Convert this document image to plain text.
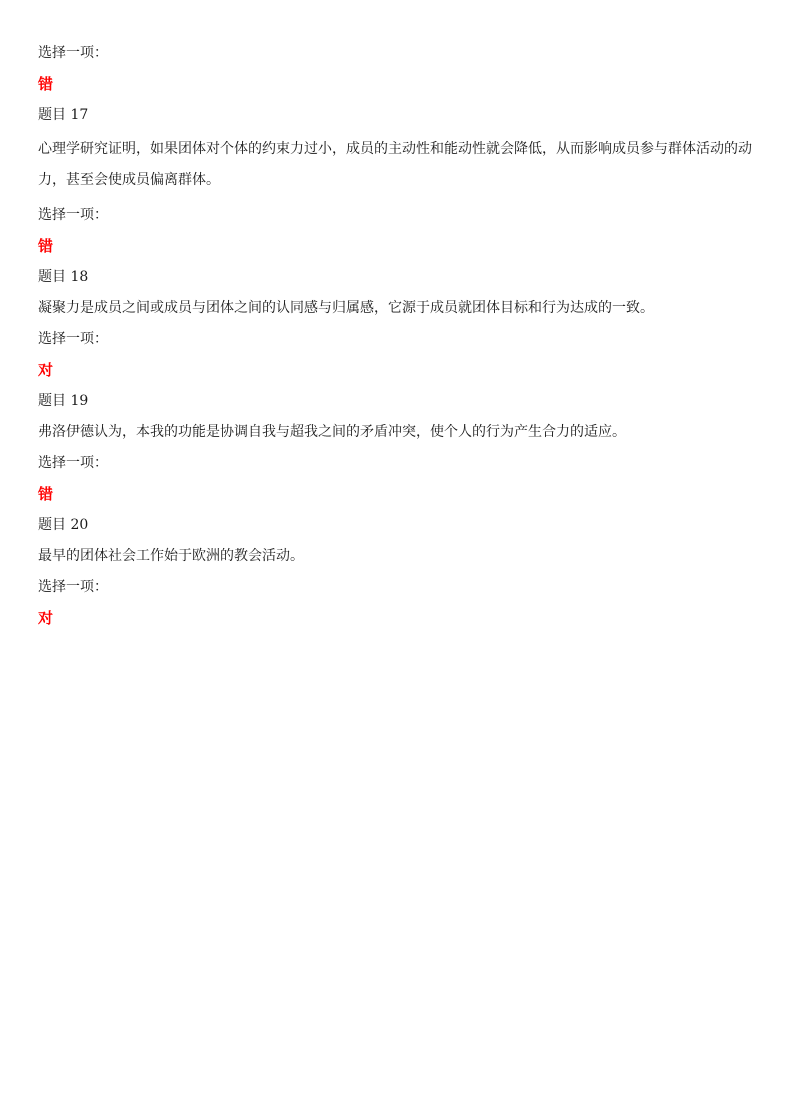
选择一项：
错
题目 17
心理学研究证明，如果团体对个体的约束力过小，成员的主动性和能动性就会降低，从而影响成员参与群体活动的动力，甚至会使成员偏离群体。
选择一项：
错
题目 18
凝聚力是成员之间或成员与团体之间的认同感与归属感，它源于成员就团体目标和行为达成的一致。
选择一项：
对
题目 19
弗洛伊德认为，本我的功能是协调自我与超我之间的矛盾冲突，使个人的行为产生合力的适应。
选择一项：
错
题目 20
最早的团体社会工作始于欧洲的教会活动。
选择一项：
对
